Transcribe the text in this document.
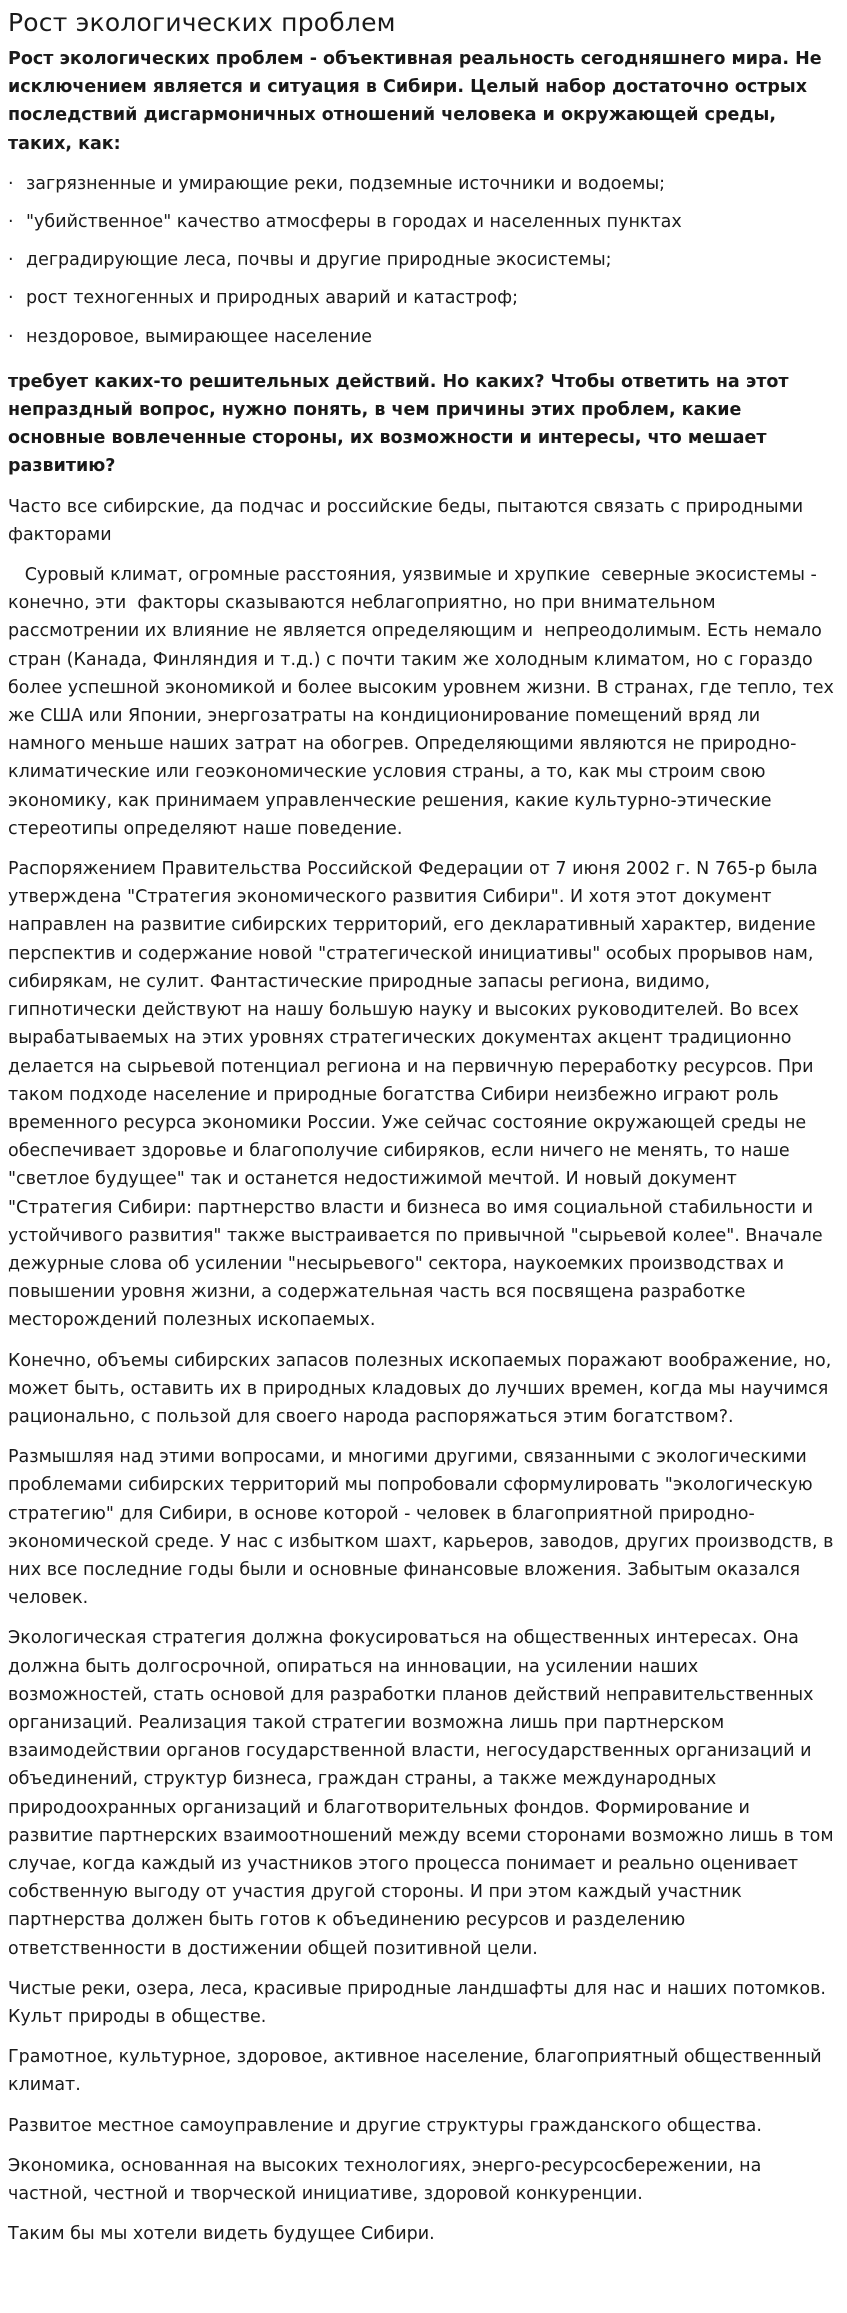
Рост экологических проблем

Рост экологических проблем - объективная реальность сегодняшнего мира. Не исключением является и ситуация в Сибири. Целый набор достаточно острых последствий дисгармоничных отношений человека и окружающей среды, таких, как:

· загрязненные и умирающие реки, подземные источники и водоемы;
· "убийственное" качество атмосферы в городах и населенных пунктах
· деградирующие леса, почвы и другие природные экосистемы;
· рост техногенных и природных аварий и катастроф;
· нездоровое, вымирающее население

требует каких-то решительных действий. Но каких? Чтобы ответить на этот непраздный вопрос, нужно понять, в чем причины этих проблем, какие основные вовлеченные стороны, их возможности и интересы, что мешает развитию?

Часто все сибирские, да подчас и российские беды, пытаются связать с природными факторами

Суровый климат, огромные расстояния, уязвимые и хрупкие  северные экосистемы - конечно, эти  факторы сказываются неблагоприятно, но при внимательном рассмотрении их влияние не является определяющим и  непреодолимым. Есть немало стран (Канада, Финляндия и т.д.) с почти таким же холодным климатом, но с гораздо более успешной экономикой и более высоким уровнем жизни. В странах, где тепло, тех же США или Японии, энергозатраты на кондиционирование помещений вряд ли намного меньше наших затрат на обогрев. Определяющими являются не природно-климатические или геоэкономические условия страны, а то, как мы строим свою экономику, как принимаем управленческие решения, какие культурно-этические стереотипы определяют наше поведение.

Распоряжением Правительства Российской Федерации от 7 июня 2002 г. N 765-р была утверждена "Стратегия экономического развития Сибири". И хотя этот документ направлен на развитие сибирских территорий, его декларативный характер, видение перспектив и содержание новой "стратегической инициативы" особых прорывов нам, сибирякам, не сулит. Фантастические природные запасы региона, видимо, гипнотически действуют на нашу большую науку и высоких руководителей. Во всех вырабатываемых на этих уровнях стратегических документах акцент традиционно делается на сырьевой потенциал региона и на первичную переработку ресурсов. При таком подходе население и природные богатства Сибири неизбежно играют роль временного ресурса экономики России. Уже сейчас состояние окружающей среды не обеспечивает здоровье и благополучие сибиряков, если ничего не менять, то наше "светлое будущее" так и останется недостижимой мечтой. И новый документ "Стратегия Сибири: партнерство власти и бизнеса во имя социальной стабильности и устойчивого развития" также выстраивается по привычной "сырьевой колее". Вначале дежурные слова об усилении "несырьевого" сектора, наукоемких производствах и повышении уровня жизни, а содержательная часть вся посвящена разработке месторождений полезных ископаемых.

Конечно, объемы сибирских запасов полезных ископаемых поражают воображение, но, может быть, оставить их в природных кладовых до лучших времен, когда мы научимся рационально, с пользой для своего народа распоряжаться этим богатством?.

Размышляя над этими вопросами, и многими другими, связанными с экологическими проблемами сибирских территорий мы попробовали сформулировать "экологическую стратегию" для Сибири, в основе которой - человек в благоприятной природно-экономической среде. У нас с избытком шахт, карьеров, заводов, других производств, в них все последние годы были и основные финансовые вложения. Забытым оказался человек.

Экологическая стратегия должна фокусироваться на общественных интересах. Она должна быть долгосрочной, опираться на инновации, на усилении наших возможностей, стать основой для разработки планов действий неправительственных организаций. Реализация такой стратегии возможна лишь при партнерском взаимодействии органов государственной власти, негосударственных организаций и объединений, структур бизнеса, граждан страны, а также международных природоохранных организаций и благотворительных фондов. Формирование и развитие партнерских взаимоотношений между всеми сторонами возможно лишь в том случае, когда каждый из участников этого процесса понимает и реально оценивает собственную выгоду от участия другой стороны. И при этом каждый участник партнерства должен быть готов к объединению ресурсов и разделению ответственности в достижении общей позитивной цели.

Чистые реки, озера, леса, красивые природные ландшафты для нас и наших потомков. Культ природы в обществе.

Грамотное, культурное, здоровое, активное население, благоприятный общественный климат.

Развитое местное самоуправление и другие структуры гражданского общества.

Экономика, основанная на высоких технологиях, энерго-ресурсосбережении, на частной, честной и творческой инициативе, здоровой конкуренции.

Таким бы мы хотели видеть будущее Сибири.
